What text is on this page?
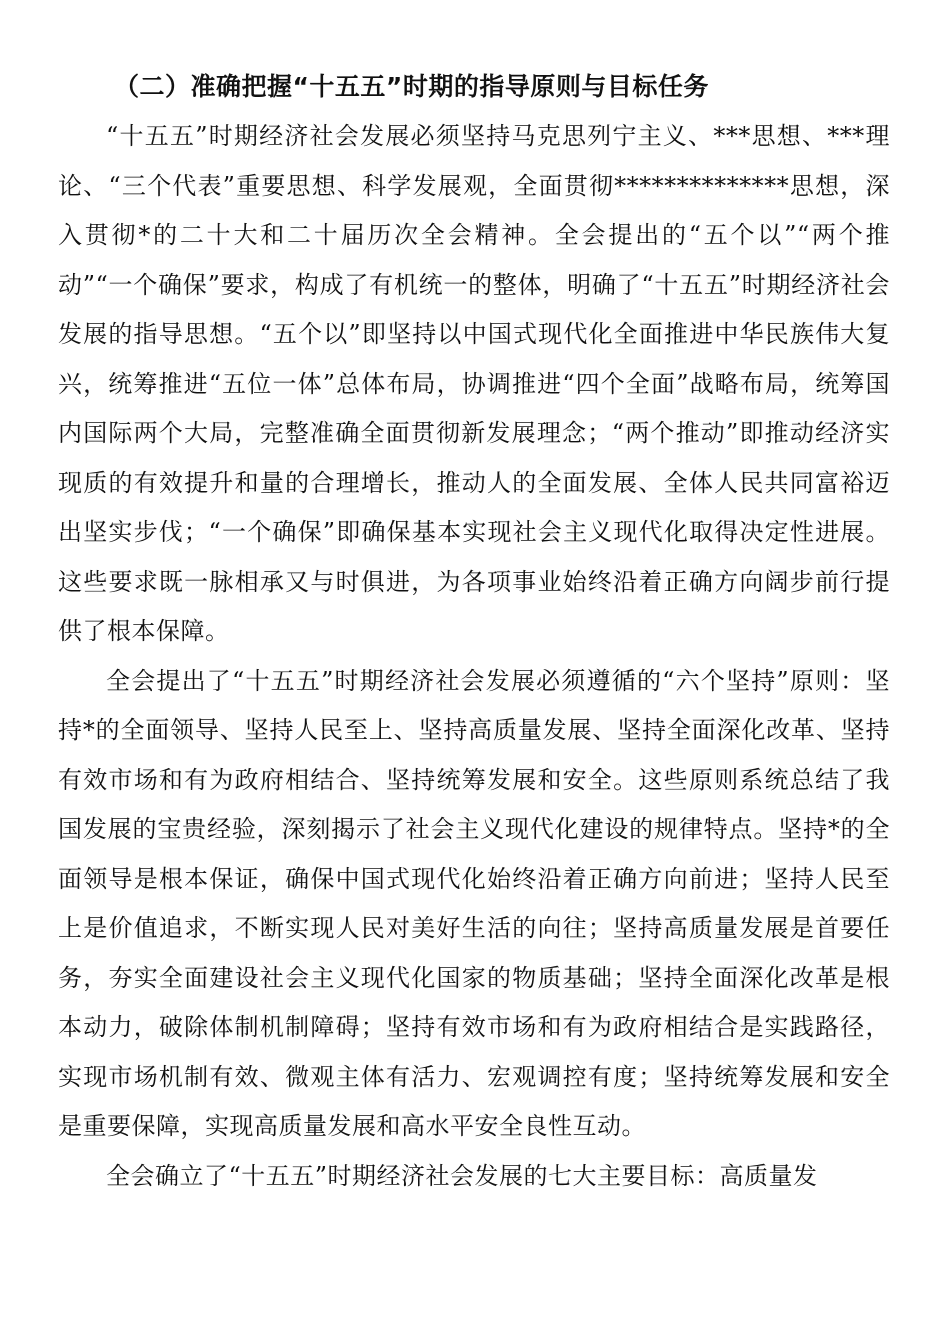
（二）准确把握“十五五”时期的指导原则与目标任务

“十五五”时期经济社会发展必须坚持马克思列宁主义、***思想、***理论、“三个代表”重要思想、科学发展观，全面贯彻**************思想，深入贯彻*的二十大和二十届历次全会精神。全会提出的“五个以”“两个推动”“一个确保”要求，构成了有机统一的整体，明确了“十五五”时期经济社会发展的指导思想。“五个以”即坚持以中国式现代化全面推进中华民族伟大复兴，统筹推进“五位一体”总体布局，协调推进“四个全面”战略布局，统筹国内国际两个大局，完整准确全面贯彻新发展理念；“两个推动”即推动经济实现质的有效提升和量的合理增长，推动人的全面发展、全体人民共同富裕迈出坚实步伐；“一个确保”即确保基本实现社会主义现代化取得决定性进展。这些要求既一脉相承又与时俱进，为各项事业始终沿着正确方向阔步前行提供了根本保障。

全会提出了“十五五”时期经济社会发展必须遵循的“六个坚持”原则：坚持*的全面领导、坚持人民至上、坚持高质量发展、坚持全面深化改革、坚持有效市场和有为政府相结合、坚持统筹发展和安全。这些原则系统总结了我国发展的宝贵经验，深刻揭示了社会主义现代化建设的规律特点。坚持*的全面领导是根本保证，确保中国式现代化始终沿着正确方向前进；坚持人民至上是价值追求，不断实现人民对美好生活的向往；坚持高质量发展是首要任务，夯实全面建设社会主义现代化国家的物质基础；坚持全面深化改革是根本动力，破除体制机制障碍；坚持有效市场和有为政府相结合是实践路径，实现市场机制有效、微观主体有活力、宏观调控有度；坚持统筹发展和安全是重要保障，实现高质量发展和高水平安全良性互动。

全会确立了“十五五”时期经济社会发展的七大主要目标：高质量发
